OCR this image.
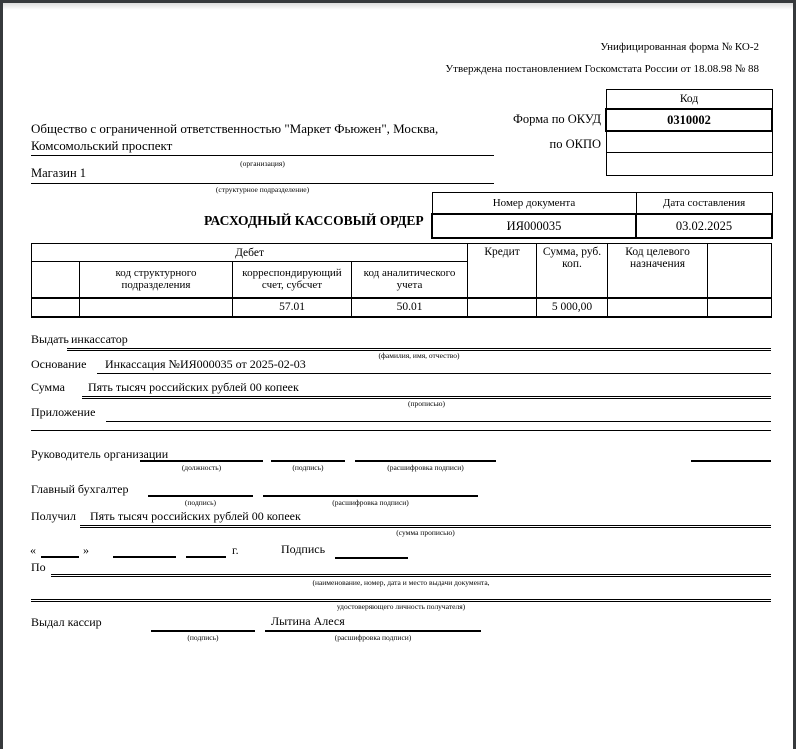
Унифицированная форма № КО-2
Утверждена постановлением Госкомстата России от 18.08.98 № 88
Код
0310002

Форма по ОКУД
по ОКПО
Общество с ограниченной ответственностью "Маркет Фьюжен", Москва, Комсомольский проспект
(организация)
Магазин 1
(структурное подразделение)
РАСХОДНЫЙ КАССОВЫЙ ОРДЕР
Номер документа	Дата составления
ИЯ000035	03.02.2025
Дебет				Кредит	Сумма, руб. коп.	Код целевого назначения	
	код структурного подразделения	корреспондирующий счет, субсчет	код аналитического учета				
		57.01	50.01		5 000,00		
Выдать инкассатор
(фамилия, имя, отчество)
Основание	Инкассация №ИЯ000035 от 2025-02-03
Сумма	Пять тысяч российских рублей 00 копеек
(прописью)
Приложение
Руководитель организации
(должность)	(подпись)	(расшифровка подписи)
Главный бухгалтер
(подпись)	(расшифровка подписи)
Получил	Пять тысяч российских рублей 00 копеек
(сумма прописью)
«	»	г.	Подпись
По
(наименование, номер, дата и место выдачи документа,
удостоверяющего личность получателя)
Выдал кассир
(подпись)
Лытина Алеся
(расшифровка подписи)
